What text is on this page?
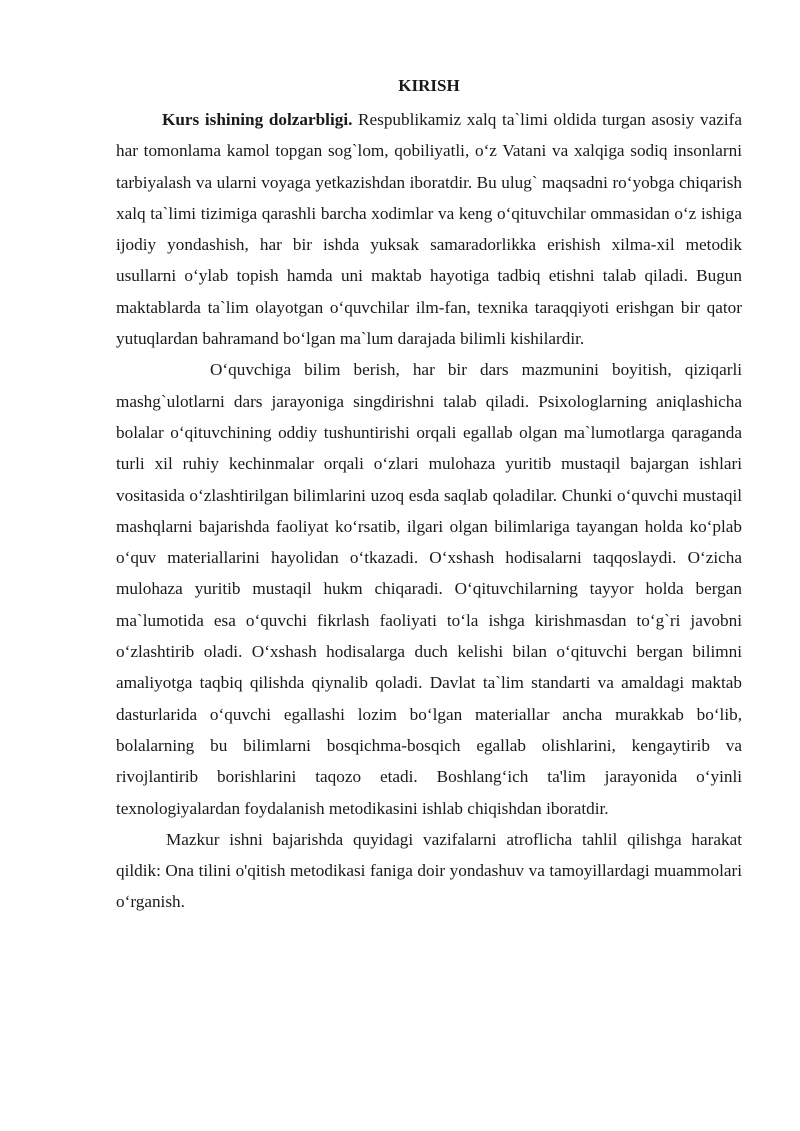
KIRISH

Kurs ishining dolzarbligi. Respublikamiz xalq ta`limi oldida turgan asosiy vazifa har tomonlama kamol topgan sog`lom, qobiliyatli, o‘z Vatani va xalqiga sodiq insonlarni tarbiyalash va ularni voyaga yetkazishdan iboratdir. Bu ulug` maqsadni ro‘yobga chiqarish xalq ta`limi tizimiga qarashli barcha xodimlar va keng o‘qituvchilar ommasidan o‘z ishiga ijodiy yondashish, har bir ishda yuksak samaradorlikka erishish xilma-xil metodik usullarni o‘ylab topish hamda uni maktab hayotiga tadbiq etishni talab qiladi. Bugun maktablarda ta`lim olayotgan o‘quvchilar ilm-fan, texnika taraqqiyoti erishgan bir qator yutuqlardan bahramand bo‘lgan ma`lum darajada bilimli kishilardir.

O‘quvchiga bilim berish, har bir dars mazmunini boyitish, qiziqarli mashg`ulotlarni dars jarayoniga singdirishni talab qiladi. Psixologlarning aniqlashicha bolalar o‘qituvchining oddiy tushuntirishi orqali egallab olgan ma`lumotlarga qaraganda turli xil ruhiy kechinmalar orqali o‘zlari mulohaza yuritib mustaqil bajargan ishlari vositasida o‘zlashtirilgan bilimlarini uzoq esda saqlab qoladilar. Chunki o‘quvchi mustaqil mashqlarni bajarishda faoliyat ko‘rsatib, ilgari olgan bilimlariga tayangan holda ko‘plab o‘quv materiallarini hayolidan o‘tkazadi. O‘xshash hodisalarni taqqoslaydi. O‘zicha mulohaza yuritib mustaqil hukm chiqaradi. O‘qituvchilarning tayyor holda bergan ma`lumotida esa o‘quvchi fikrlash faoliyati to‘la ishga kirishmasdan to‘g`ri javobni o‘zlashtirib oladi. O‘xshash hodisalarga duch kelishi bilan o‘qituvchi bergan bilimni amaliyotga taqbiq qilishda qiynalib qoladi. Davlat ta`lim standarti va amaldagi maktab dasturlarida o‘quvchi egallashi lozim bo‘lgan materiallar ancha murakkab bo‘lib, bolalarning bu bilimlarni bosqichma-bosqich egallab olishlarini, kengaytirib va rivojlantirib borishlarini taqozo etadi. Boshlang‘ich ta'lim jarayonida o‘yinli texnologiyalardan foydalanish metodikasini ishlab chiqishdan iboratdir.

Mazkur ishni bajarishda quyidagi vazifalarni atroflicha tahlil qilishga harakat qildik: Ona tilini o'qitish metodikasi faniga doir yondashuv va tamoyillardagi muammolari o‘rganish.
